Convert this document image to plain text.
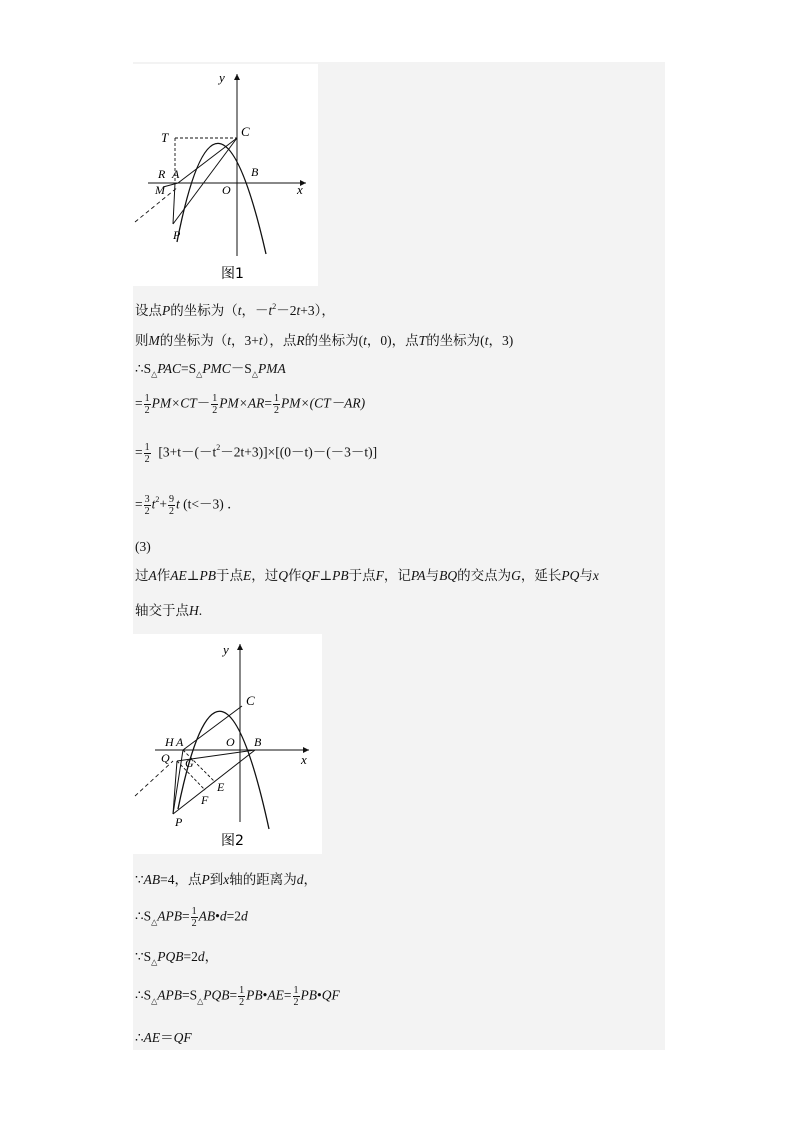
y
x
T	C
R A
M	O
B
P
图1
设点P的坐标为（t，$-t^2-2t+3$），
则M的坐标为（t，3+t），点R的坐标为(t，0)，点T的坐标为(t，3)
$\therefore S_\triangle PAC=S_\triangle PMC-S_\triangle PMA$
= $\frac{1}{2} PM\times CT- \frac{1}{2} PM\times AR= \frac{1}{2} PM\times(CT-AR)$
= $\frac{1}{2} [3+t-(-t^2-2t+3)]\times[(0-t)-(-3-t)]$
= $\frac{3}{2} t^2+ \frac{9}{2}$ t (t<－3) ．
(3)
过A作AE⊥PB于点E，过Q作QF⊥PB于点F，记PA与BQ的交点为G，延长PQ与x
轴交于点H.
y
x
C
H A	O B
Q G
E
F
P
图2
∵AB=4，点P到x轴的距离为d，
$\therefore S_\triangle APB= \frac{1}{2}$ AB•d=2d
$\because S_\triangle PQB=2d$，
$\therefore S_\triangle APB=S_\triangle PQB= \frac{1}{2}$ PB•AE= $\frac{1}{2}$ PB•QF
∴AE＝QF
